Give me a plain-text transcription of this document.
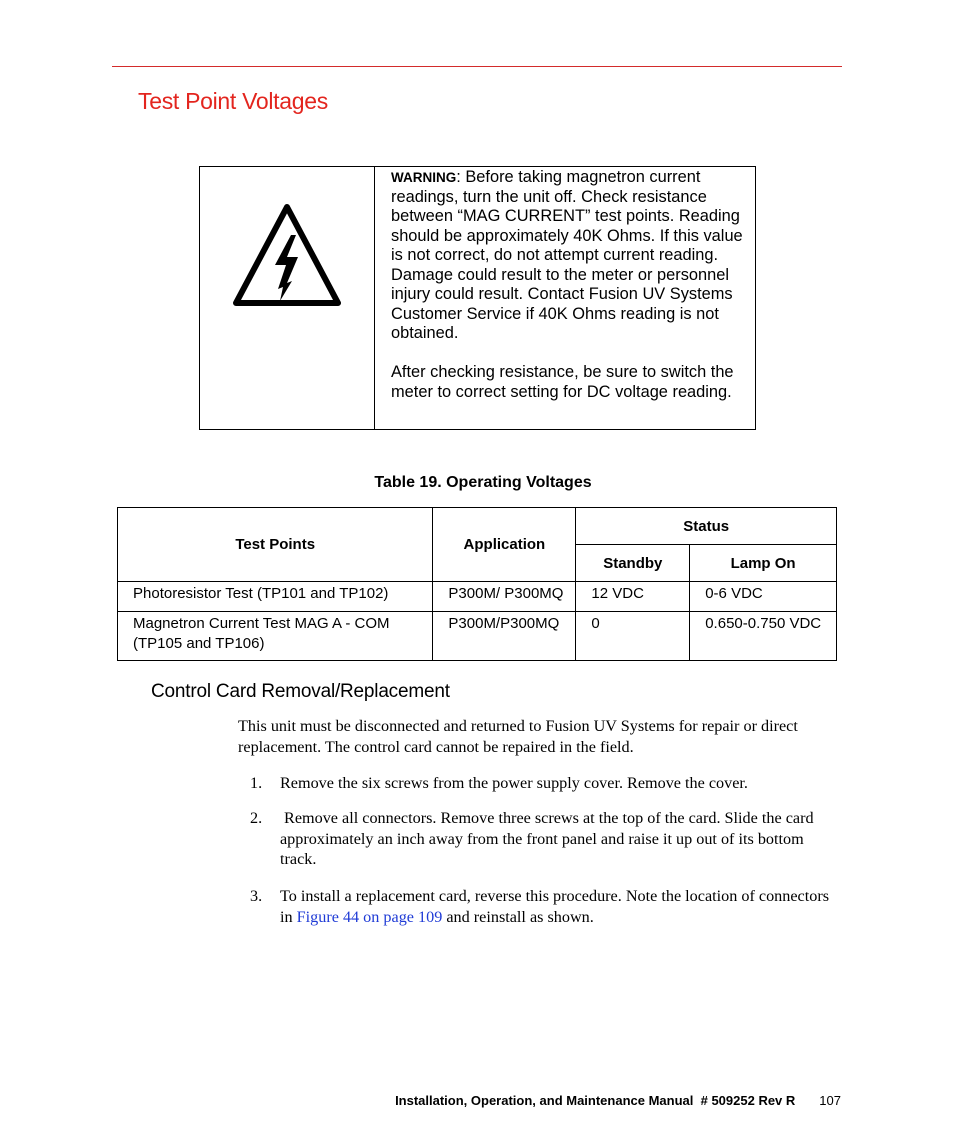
Test Point Voltages

WARNING: Before taking magnetron current readings, turn the unit off. Check resistance between “MAG CURRENT” test points. Reading should be approximately 40K Ohms. If this value is not correct, do not attempt current reading. Damage could result to the meter or personnel injury could result. Contact Fusion UV Systems Customer Service if 40K Ohms reading is not obtained.

After checking resistance, be sure to switch the meter to correct setting for DC voltage reading.

Table 19. Operating Voltages
Test Points	Application	Status	
		Standby	Lamp On
Photoresistor Test (TP101 and TP102)	P300M/ P300MQ	12 VDC	0-6 VDC
Magnetron Current Test MAG A - COM (TP105 and TP106)	P300M/P300MQ	0	0.650-0.750 VDC
Control Card Removal/Replacement

This unit must be disconnected and returned to Fusion UV Systems for repair or direct replacement. The control card cannot be repaired in the field.

1.	Remove the six screws from the power supply cover. Remove the cover.
2.	Remove all connectors. Remove three screws at the top of the card. Slide the card approximately an inch away from the front panel and raise it up out of its bottom track.
3.	To install a replacement card, reverse this procedure. Note the location of connectors in Figure 44 on page 109 and reinstall as shown.
Installation, Operation, and Maintenance Manual  # 509252 Rev R 107
